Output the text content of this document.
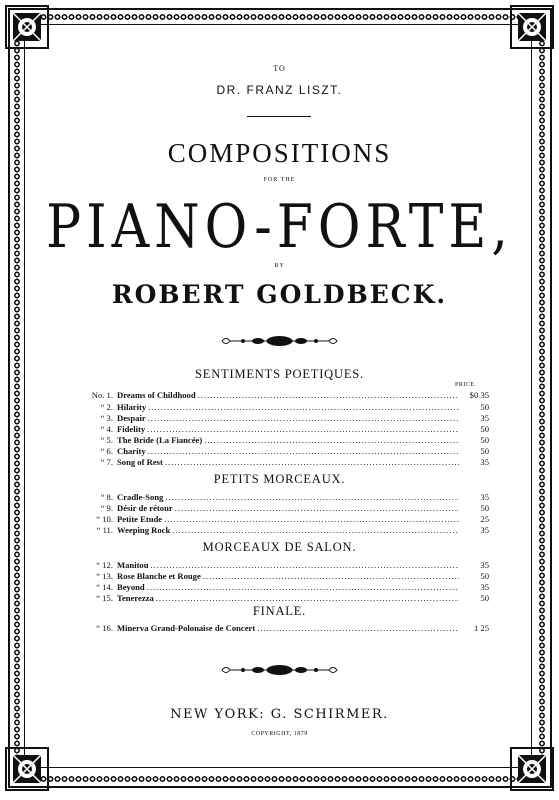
TO
DR. FRANZ LISZT.
COMPOSITIONS
FOR THE
PIANO-FORTE,
BY
ROBERT GOLDBECK.
SENTIMENTS POETIQUES.
PRICE.
No. 1. Dreams of Childhood .....	$0 35
“ 2. Hilarity .....	50
“ 3. Despair .....	35
“ 4. Fidelity .....	50
“ 5. The Bride (La Fiancée) .....	50
“ 6. Charity .....	50
“ 7. Song of Rest .....	35
PETITS MORCEAUX.
“ 8. Cradle-Song .....	35
“ 9. Désir de rétour .....	50
“ 10. Petite Etude .....	25
“ 11. Weeping Rock .....	35
MORCEAUX DE SALON.
“ 12. Manitou .....	35
“ 13. Rose Blanche et Rouge .....	50
“ 14. Beyond .....	35
“ 15. Tenerezza .....	50
FINALE.
“ 16. Minerva Grand-Polonaise de Concert .....	1 25
NEW YORK: G. SCHIRMER.
COPYRIGHT, 1879
